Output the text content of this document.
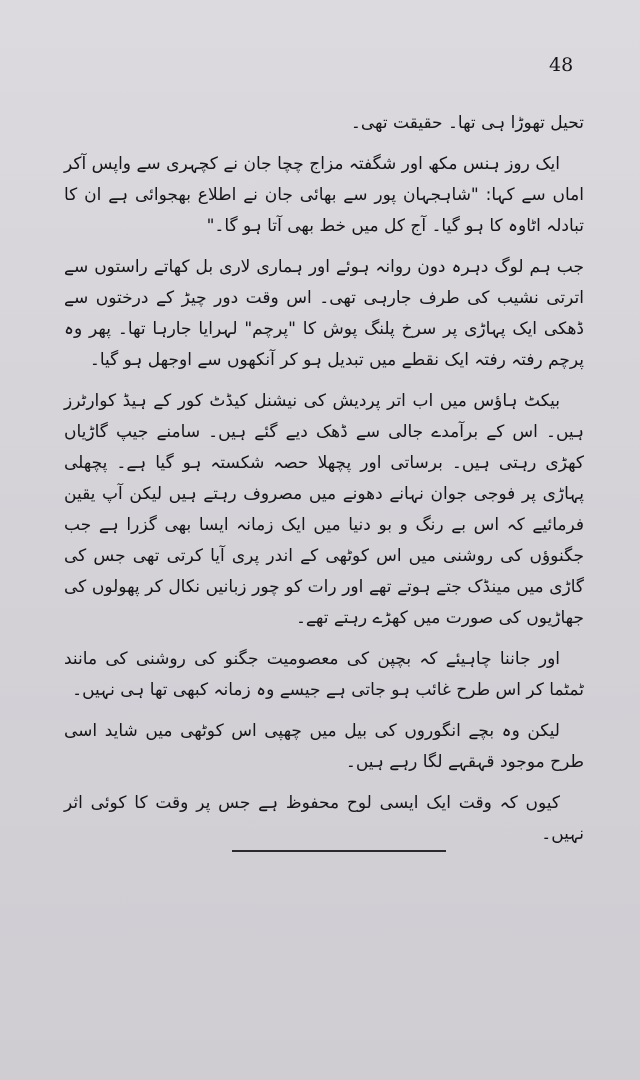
48

تحیل تھوڑا ہی تھا۔ حقیقت تھی۔

ایک روز ہنس مکھ اور شگفتہ مزاج چچا جان نے کچہری سے واپس آکر اماں سے کہا: "شاہجہان پور سے بھائی جان نے اطلاع بھجوائی ہے ان کا تبادلہ اٹاوہ کا ہو گیا۔ آج کل میں خط بھی آتا ہو گا۔"

جب ہم لوگ دہرہ دون روانہ ہوئے اور ہماری لاری بل کھاتے راستوں سے اترتی نشیب کی طرف جارہی تھی۔ اس وقت دور چیڑ کے درختوں سے ڈھکی ایک پہاڑی پر سرخ پلنگ پوش کا "پرچم" لہرایا جارہا تھا۔ پھر وہ پرچم رفتہ رفتہ ایک نقطے میں تبدیل ہو کر آنکھوں سے اوجھل ہو گیا۔

بیکٹ ہاؤس میں اب اتر پردیش کی نیشنل کیڈٹ کور کے ہیڈ کوارٹرز ہیں۔ اس کے برآمدے جالی سے ڈھک دیے گئے ہیں۔ سامنے جیپ گاڑیاں کھڑی رہتی ہیں۔ برساتی اور پچھلا حصہ شکستہ ہو گیا ہے۔ پچھلی پہاڑی پر فوجی جوان نہانے دھونے میں مصروف رہتے ہیں لیکن آپ یقین فرمائیے کہ اس بے رنگ و بو دنیا میں ایک زمانہ ایسا بھی گزرا ہے جب جگنوؤں کی روشنی میں اس کوٹھی کے اندر پری آیا کرتی تھی جس کی گاڑی میں مینڈک جتے ہوتے تھے اور رات کو چور زبانیں نکال کر پھولوں کی جھاڑیوں کی صورت میں کھڑے رہتے تھے۔

اور جاننا چاہیئے کہ بچپن کی معصومیت جگنو کی روشنی کی مانند ٹمٹما کر اس طرح غائب ہو جاتی ہے جیسے وہ زمانہ کبھی تھا ہی نہیں۔

لیکن وہ بچے انگوروں کی بیل میں چھپی اس کوٹھی میں شاید اسی طرح موجود قہقہے لگا رہے ہیں۔

کیوں کہ وقت ایک ایسی لوح محفوظ ہے جس پر وقت کا کوئی اثر نہیں۔
